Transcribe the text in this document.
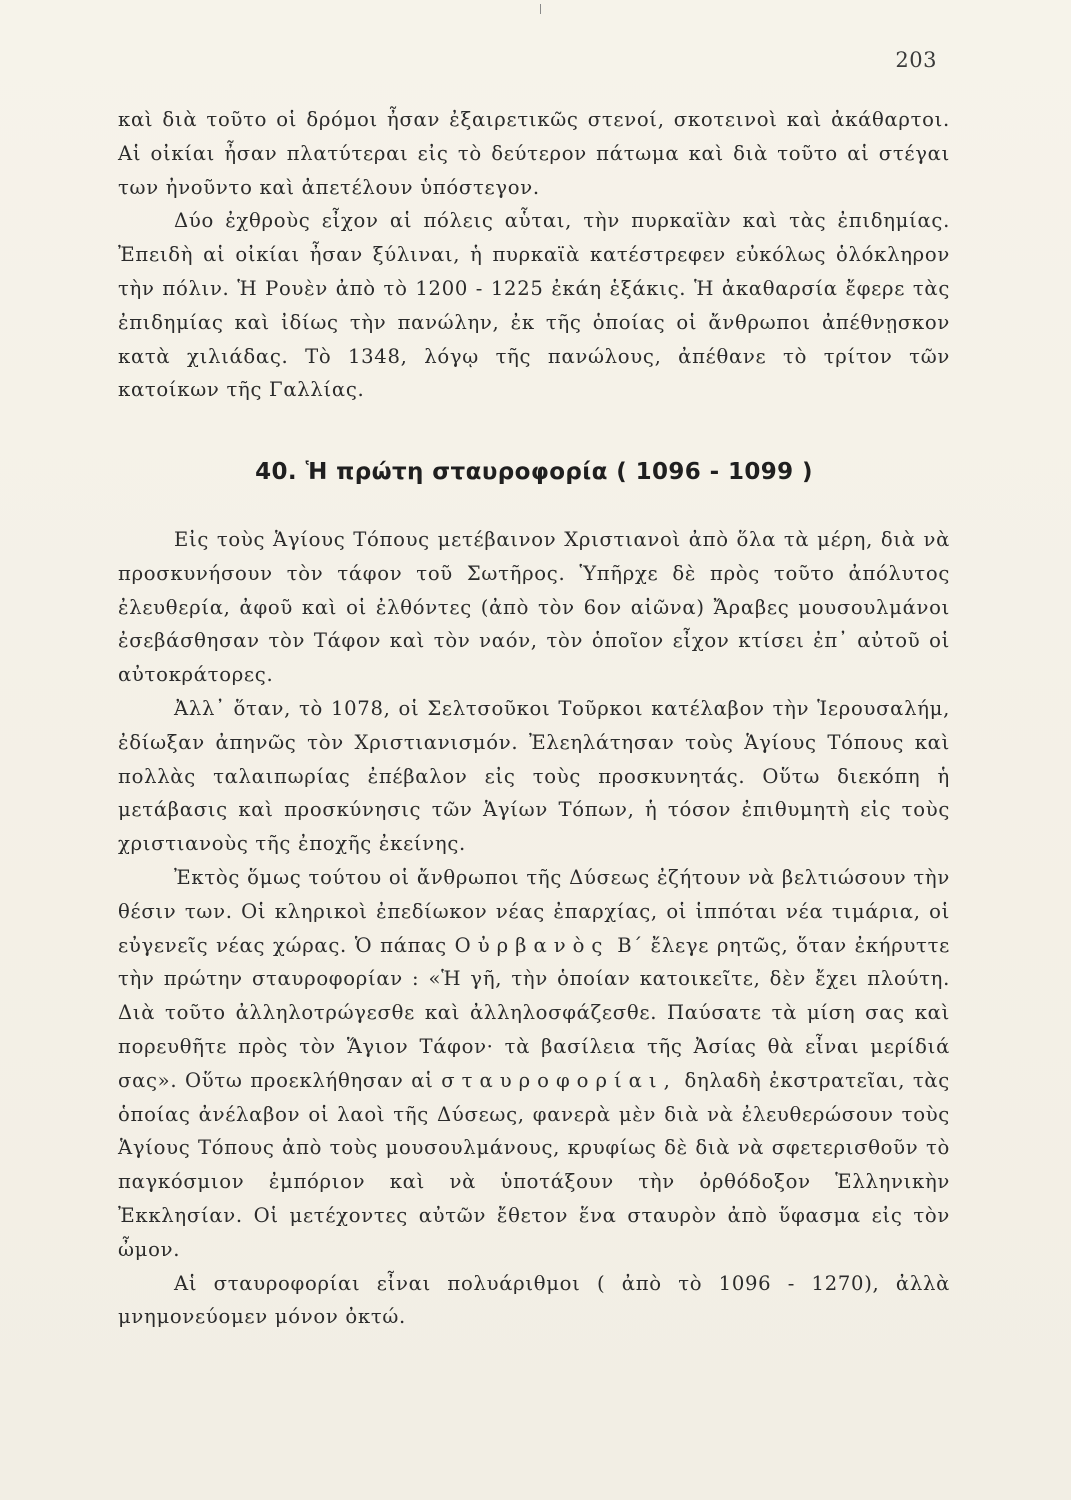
203

καὶ διὰ τοῦτο οἱ δρόμοι ἦσαν ἐξαιρετικῶς στενοί, σκοτεινοὶ καὶ ἀκάθαρτοι. Αἱ οἰκίαι ἦσαν πλατύτεραι εἰς τὸ δεύτερον πάτωμα καὶ διὰ τοῦτο αἱ στέγαι των ἠνοῦντο καὶ ἀπετέλουν ὑπόστεγον.

Δύο ἐχθροὺς εἶχον αἱ πόλεις αὗται, τὴν πυρκαϊὰν καὶ τὰς ἐπιδημίας. Ἐπειδὴ αἱ οἰκίαι ἦσαν ξύλιναι, ἡ πυρκαϊὰ κατέστρεφεν εὐκόλως ὁλόκληρον τὴν πόλιν. Ἡ Ρουὲν ἀπὸ τὸ 1200 - 1225 ἐκάη ἑξάκις. Ἡ ἀκαθαρσία ἔφερε τὰς ἐπιδημίας καὶ ἰδίως τὴν πανώλην, ἐκ τῆς ὁποίας οἱ ἄνθρωποι ἀπέθνῃσκον κατὰ χιλιάδας. Τὸ 1348, λόγῳ τῆς πανώλους, ἀπέθανε τὸ τρίτον τῶν κατοίκων τῆς Γαλλίας.

40. Ἡ πρώτη σταυροφορία ( 1096 - 1099 )

Εἰς τοὺς Ἁγίους Τόπους μετέβαινον Χριστιανοὶ ἀπὸ ὅλα τὰ μέρη, διὰ νὰ προσκυνήσουν τὸν τάφον τοῦ Σωτῆρος. Ὑπῆρχε δὲ πρὸς τοῦτο ἀπόλυτος ἐλευθερία, ἀφοῦ καὶ οἱ ἐλθόντες (ἀπὸ τὸν 6ον αἰῶνα) Ἄραβες μουσουλμάνοι ἐσεβάσθησαν τὸν Τάφον καὶ τὸν ναόν, τὸν ὁποῖον εἶχον κτίσει ἐπ᾽ αὐτοῦ οἱ αὐτοκράτορες.

Ἀλλ᾽ ὅταν, τὸ 1078, οἱ Σελτσοῦκοι Τοῦρκοι κατέλαβον τὴν Ἱερουσαλήμ, ἐδίωξαν ἀπηνῶς τὸν Χριστιανισμόν. Ἐλεηλάτησαν τοὺς Ἁγίους Τόπους καὶ πολλὰς ταλαιπωρίας ἐπέβαλον εἰς τοὺς προσκυνητάς. Οὕτω διεκόπη ἡ μετάβασις καὶ προσκύνησις τῶν Ἁγίων Τόπων, ἡ τόσον ἐπιθυμητὴ εἰς τοὺς χριστιανοὺς τῆς ἐποχῆς ἐκείνης.

Ἐκτὸς ὅμως τούτου οἱ ἄνθρωποι τῆς Δύσεως ἐζήτουν νὰ βελτιώσουν τὴν θέσιν των. Οἱ κληρικοὶ ἐπεδίωκον νέας ἐπαρχίας, οἱ ἱππόται νέα τιμάρια, οἱ εὐγενεῖς νέας χώρας. Ὁ πάπας Οὐρβανὸς Β΄ ἔλεγε ρητῶς, ὅταν ἐκήρυττε τὴν πρώτην σταυροφορίαν : «Ἡ γῆ, τὴν ὁποίαν κατοικεῖτε, δὲν ἔχει πλούτη. Διὰ τοῦτο ἀλληλοτρώγεσθε καὶ ἀλληλοσφάζεσθε. Παύσατε τὰ μίση σας καὶ πορευθῆτε πρὸς τὸν Ἅγιον Τάφον· τὰ βασίλεια τῆς Ἀσίας θὰ εἶναι μερίδιά σας». Οὕτω προεκλήθησαν αἱ σταυροφορίαι, δηλαδὴ ἐκστρατεῖαι, τὰς ὁποίας ἀνέλαβον οἱ λαοὶ τῆς Δύσεως, φανερὰ μὲν διὰ νὰ ἐλευθερώσουν τοὺς Ἁγίους Τόπους ἀπὸ τοὺς μουσουλμάνους, κρυφίως δὲ διὰ νὰ σφετερισθοῦν τὸ παγκόσμιον ἐμπόριον καὶ νὰ ὑποτάξουν τὴν ὀρθόδοξον Ἑλληνικὴν Ἐκκλησίαν. Οἱ μετέχοντες αὐτῶν ἔθετον ἕνα σταυρὸν ἀπὸ ὕφασμα εἰς τὸν ὦμον.

Αἱ σταυροφορίαι εἶναι πολυάριθμοι ( ἀπὸ τὸ 1096 - 1270), ἀλλὰ μνημονεύομεν μόνον ὀκτώ.
